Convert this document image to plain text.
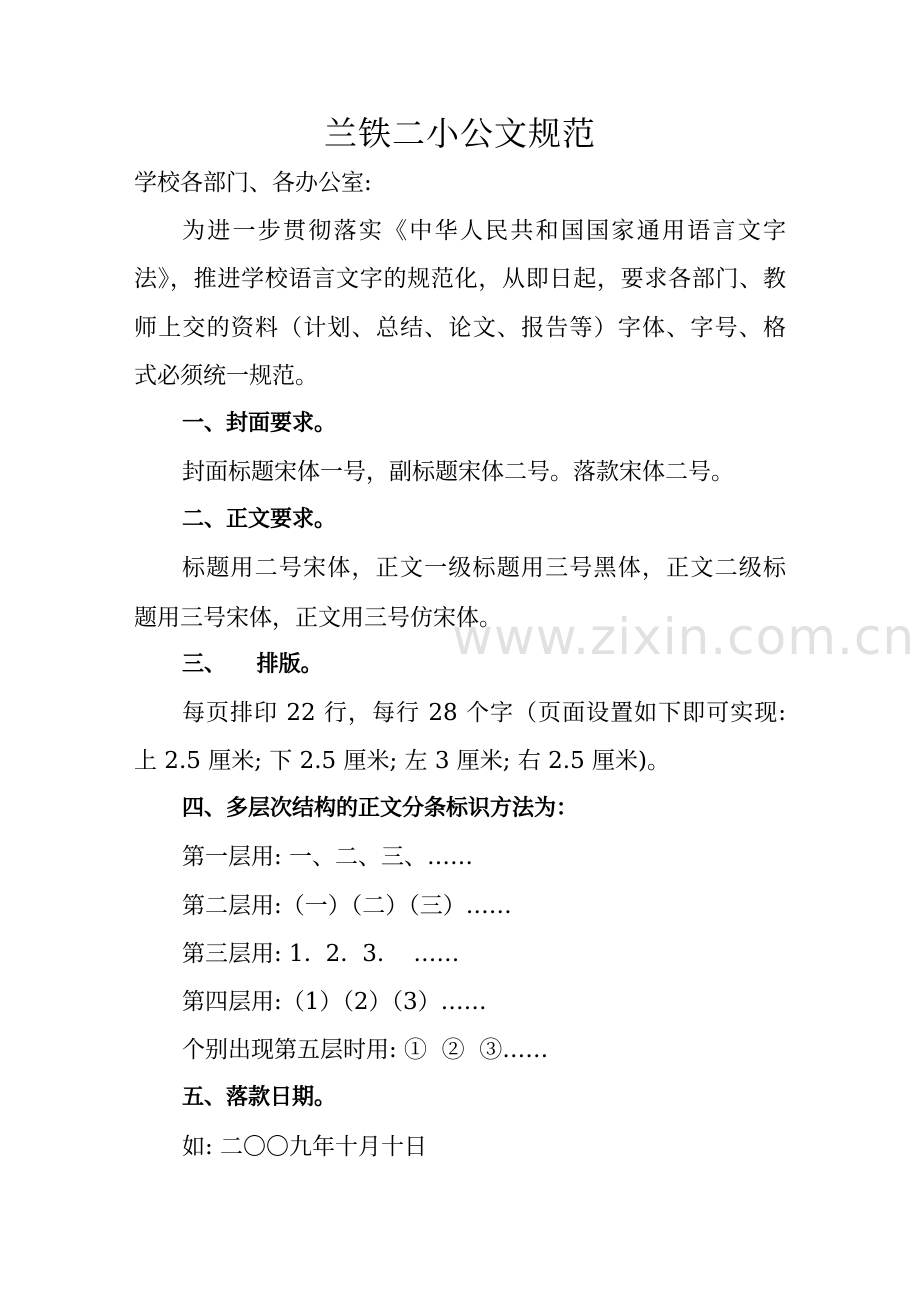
兰铁二小公文规范
学校各部门、各办公室:
为进一步贯彻落实《中华人民共和国国家通用语言文字
法》，推进学校语言文字的规范化，从即日起，要求各部门、教
师上交的资料（计划、总结、论文、报告等）字体、字号、格
式必须统一规范。
一、封面要求。
封面标题宋体一号，副标题宋体二号。落款宋体二号。
二、正文要求。
标题用二号宋体，正文一级标题用三号黑体，正文二级标
题用三号宋体，正文用三号仿宋体。
三、    排版。
每页排印 22 行，每行 28 个字（页面设置如下即可实现:
上 2.5 厘米; 下 2.5 厘米; 左 3 厘米; 右 2.5 厘米)。
四、多层次结构的正文分条标识方法为：
第一层用: 一、二、三、……
第二层用:（一）（二）（三）……
第三层用: 1.  2.  3.    ……
第四层用:（1）（2）（3）……
个别出现第五层时用: ①  ②  ③……
五、落款日期。
如: 二〇〇九年十月十日
www.zixin.com.cn
